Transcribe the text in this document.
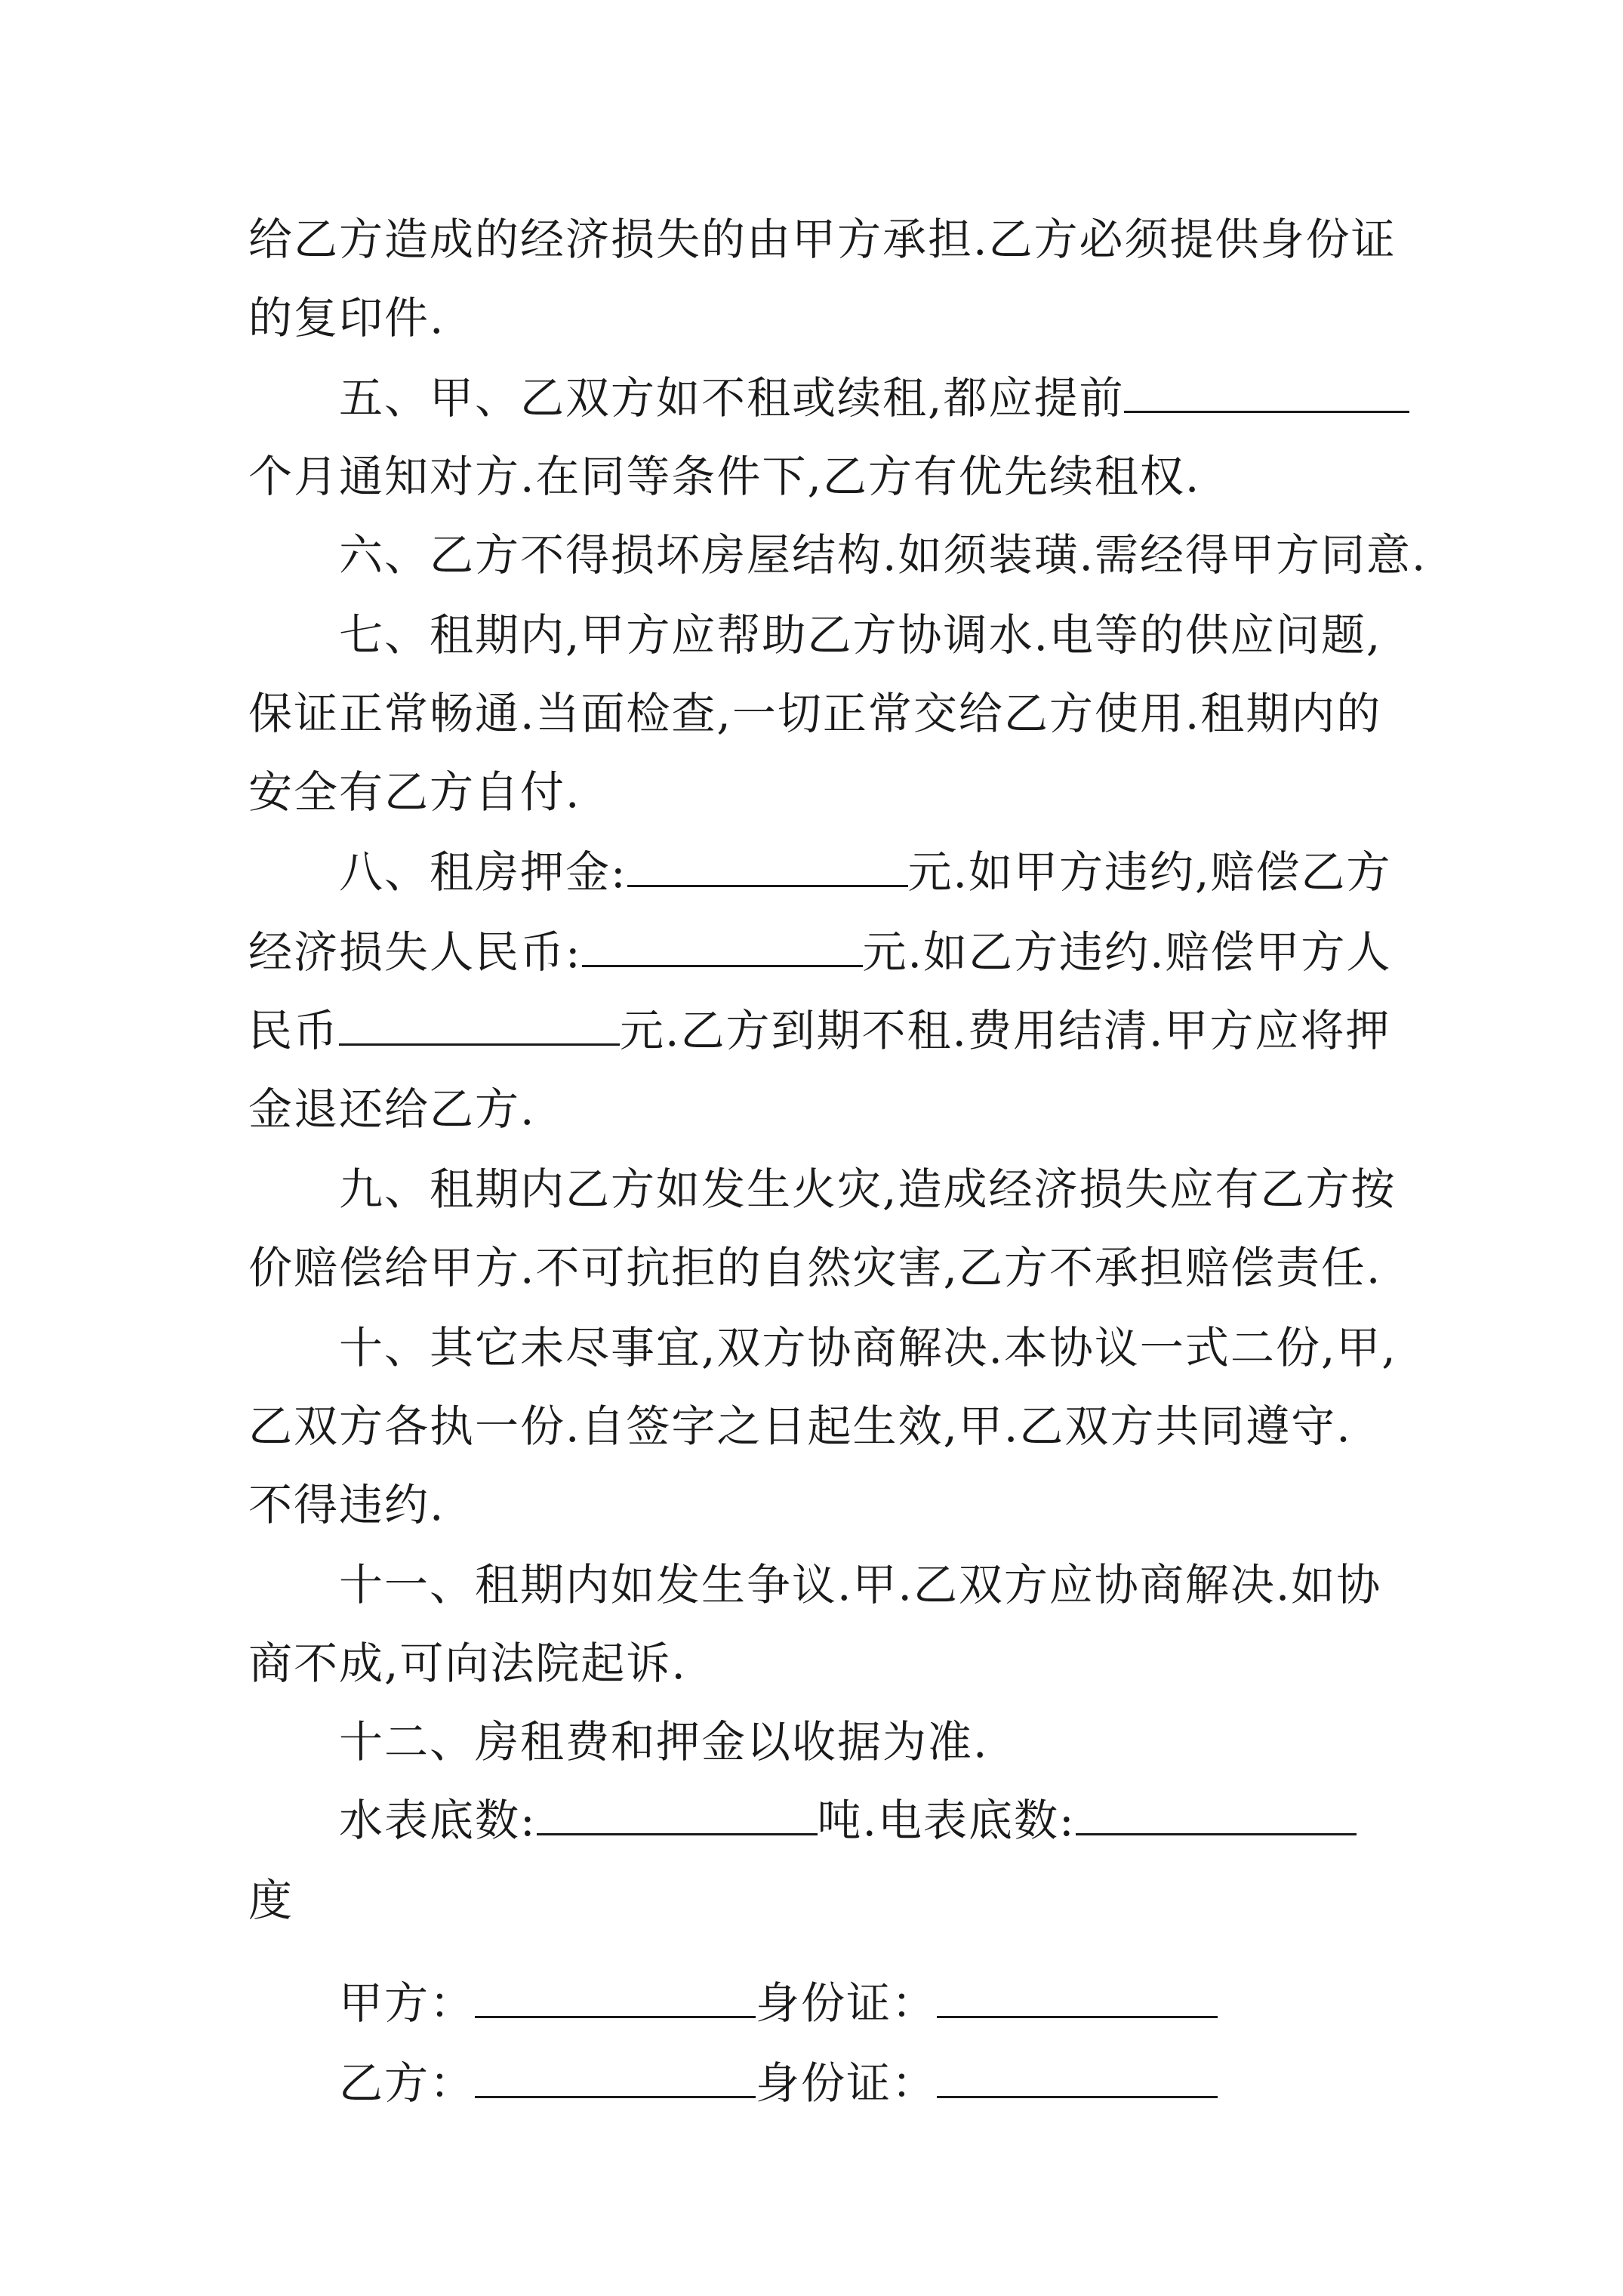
给乙方造成的经济损失的由甲方承担.乙方必须提供身份证
的复印件.
五、甲、乙双方如不租或续租,都应提前
个月通知对方.在同等条件下,乙方有优先续租权.
六、乙方不得损坏房屋结构.如须装璜.需经得甲方同意.
七、租期内,甲方应帮助乙方协调水.电等的供应问题,
保证正常畅通.当面检查,一切正常交给乙方使用.租期内的
安全有乙方自付.
八、租房押金:	元.如甲方违约,赔偿乙方
经济损失人民币:	元.如乙方违约.赔偿甲方人
民币	元.乙方到期不租.费用结清.甲方应将押
金退还给乙方.
九、租期内乙方如发生火灾,造成经济损失应有乙方按
价赔偿给甲方.不可抗拒的自然灾害,乙方不承担赔偿责任.
十、其它未尽事宜,双方协商解决.本协议一式二份,甲,
乙双方各执一份.自签字之日起生效,甲.乙双方共同遵守.
不得违约.
十一、租期内如发生争议.甲.乙双方应协商解决.如协
商不成,可向法院起诉.
十二、房租费和押金以收据为准.
水表底数:	吨.电表底数:
度
甲方：	身份证：
乙方：	身份证：
